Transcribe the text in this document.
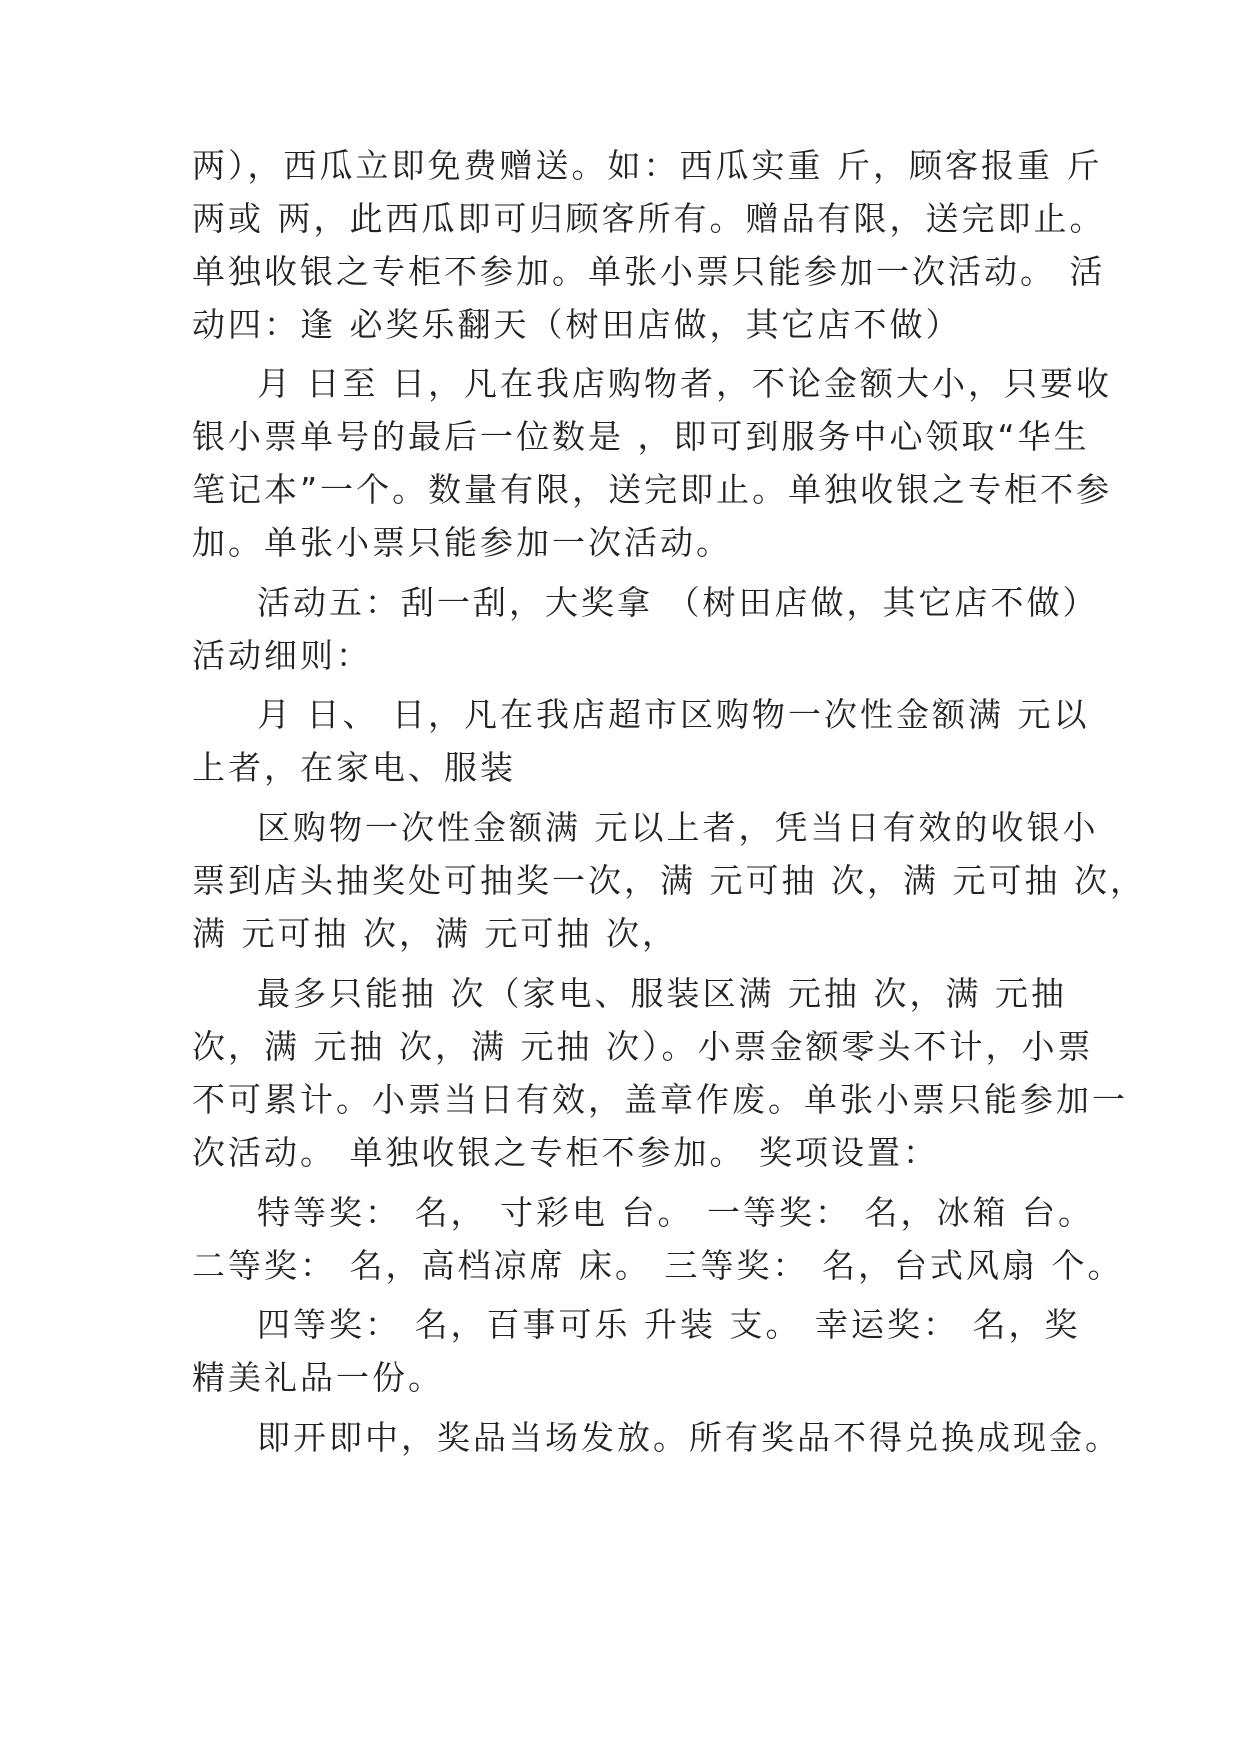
两），西瓜立即免费赠送。如：西瓜实重 斤，顾客报重 斤
两或 两，此西瓜即可归顾客所有。赠品有限，送完即止。
单独收银之专柜不参加。单张小票只能参加一次活动。 活
动四：逢 必奖乐翻天（树田店做，其它店不做）
月 日至 日，凡在我店购物者，不论金额大小，只要收
银小票单号的最后一位数是 ，即可到服务中心领取“华生
笔记本”一个。数量有限，送完即止。单独收银之专柜不参
加。单张小票只能参加一次活动。
活动五：刮一刮，大奖拿 （树田店做，其它店不做）
活动细则：
月 日、 日，凡在我店超市区购物一次性金额满 元以
上者，在家电、服装
区购物一次性金额满 元以上者，凭当日有效的收银小
票到店头抽奖处可抽奖一次，满 元可抽 次，满 元可抽 次，
满 元可抽 次，满 元可抽 次，
最多只能抽 次（家电、服装区满 元抽 次，满 元抽
次，满 元抽 次，满 元抽 次）。小票金额零头不计，小票
不可累计。小票当日有效，盖章作废。单张小票只能参加一
次活动。 单独收银之专柜不参加。 奖项设置：
特等奖： 名， 寸彩电 台。 一等奖： 名，冰箱 台。
二等奖： 名，高档凉席 床。 三等奖： 名，台式风扇 个。
四等奖： 名，百事可乐 升装 支。 幸运奖： 名，奖
精美礼品一份。
即开即中，奖品当场发放。所有奖品不得兑换成现金。
